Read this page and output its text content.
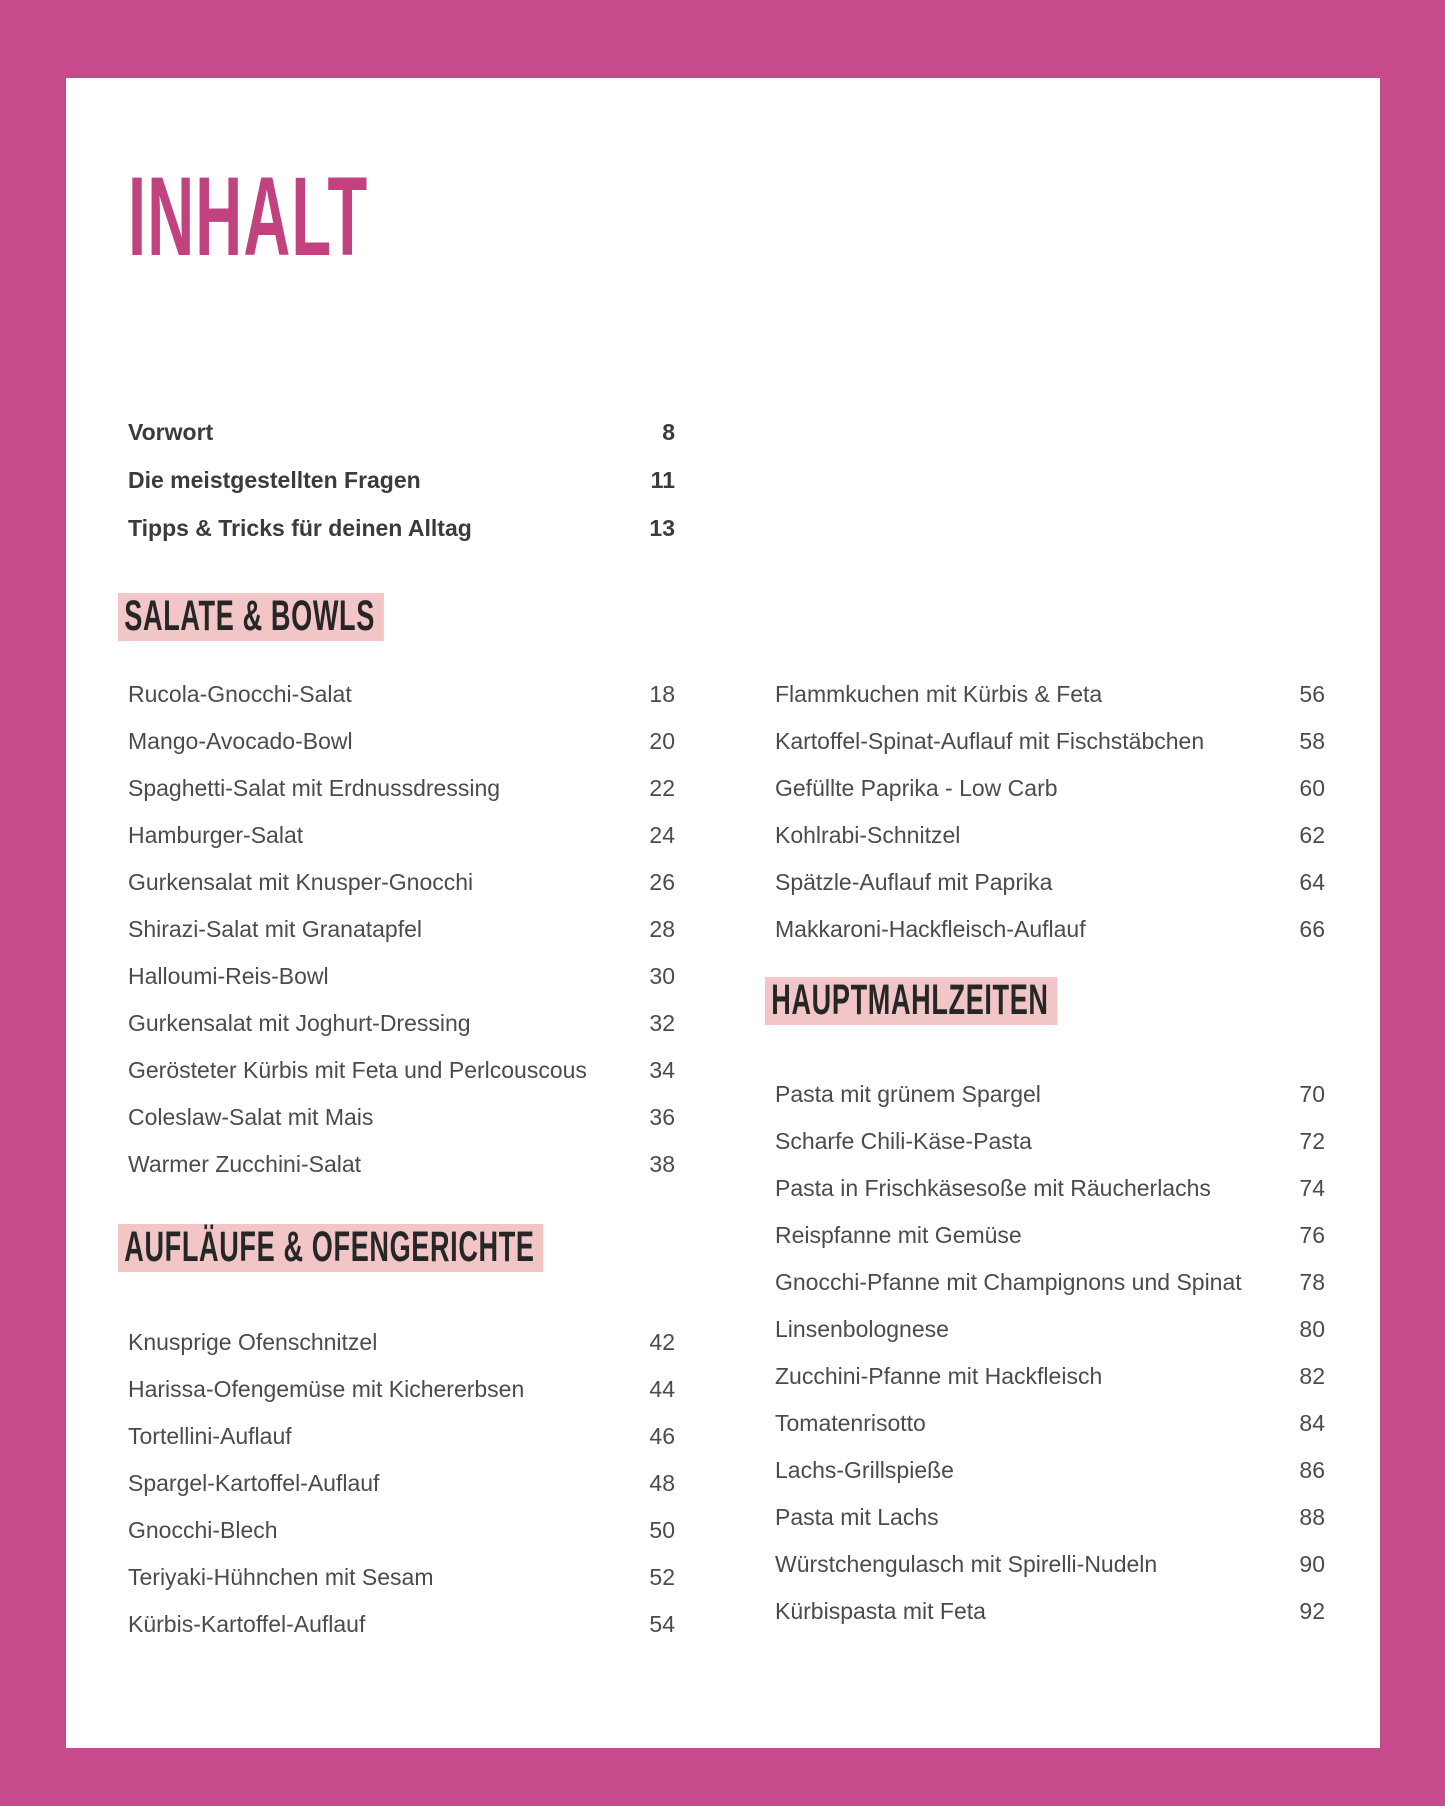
INHALT
Vorwort	8
Die meistgestellten Fragen	11
Tipps & Tricks für deinen Alltag	13
SALATE & BOWLS
Rucola-Gnocchi-Salat	18
Mango-Avocado-Bowl	20
Spaghetti-Salat mit Erdnussdressing	22
Hamburger-Salat	24
Gurkensalat mit Knusper-Gnocchi	26
Shirazi-Salat mit Granatapfel	28
Halloumi-Reis-Bowl	30
Gurkensalat mit Joghurt-Dressing	32
Gerösteter Kürbis mit Feta und Perlcouscous	34
Coleslaw-Salat mit Mais	36
Warmer Zucchini-Salat	38
AUFLÄUFE & OFENGERICHTE
Knusprige Ofenschnitzel	42
Harissa-Ofengemüse mit Kichererbsen	44
Tortellini-Auflauf	46
Spargel-Kartoffel-Auflauf	48
Gnocchi-Blech	50
Teriyaki-Hühnchen mit Sesam	52
Kürbis-Kartoffel-Auflauf	54
Flammkuchen mit Kürbis & Feta	56
Kartoffel-Spinat-Auflauf mit Fischstäbchen	58
Gefüllte Paprika - Low Carb	60
Kohlrabi-Schnitzel	62
Spätzle-Auflauf mit Paprika	64
Makkaroni-Hackfleisch-Auflauf	66
HAUPTMAHLZEITEN
Pasta mit grünem Spargel	70
Scharfe Chili-Käse-Pasta	72
Pasta in Frischkäsesoße mit Räucherlachs	74
Reispfanne mit Gemüse	76
Gnocchi-Pfanne mit Champignons und Spinat	78
Linsenbolognese	80
Zucchini-Pfanne mit Hackfleisch	82
Tomatenrisotto	84
Lachs-Grillspieße	86
Pasta mit Lachs	88
Würstchengulasch mit Spirelli-Nudeln	90
Kürbispasta mit Feta	92
